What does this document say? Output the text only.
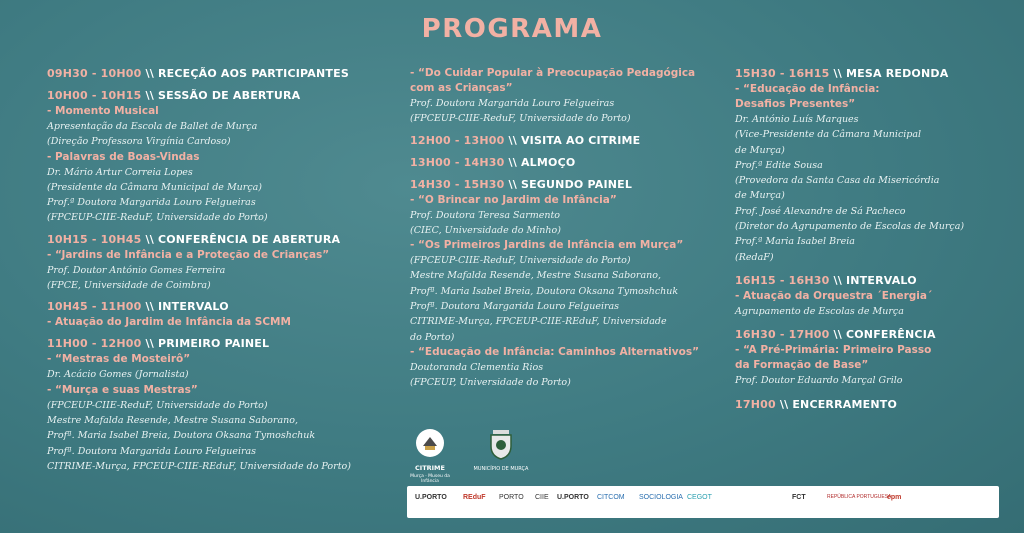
PROGRAMA
09H30 - 10H00 \\ RECEÇÃO AOS PARTICIPANTES
10H00 - 10H15 \\ SESSÃO DE ABERTURA
- Momento Musical
Apresentação da Escola de Ballet de Murça
(Direção Professora Virgínia Cardoso)
- Palavras de Boas-Vindas
Dr. Mário Artur Correia Lopes
(Presidente da Câmara Municipal de Murça)
Prof.ª Doutora Margarida Louro Felgueiras
(FPCEUP-CIIE-ReduF, Universidade do Porto)
10H15 - 10H45 \\ CONFERÊNCIA DE ABERTURA
- “Jardins de Infância e a Proteção de Crianças”
Prof. Doutor António Gomes Ferreira
(FPCE, Universidade de Coimbra)
10H45 - 11H00 \\ INTERVALO
- Atuação do Jardim de Infância da SCMM
11H00 - 12H00 \\ PRIMEIRO PAINEL
- “Mestras de Mosteirô”
Dr. Acácio Gomes (Jornalista)
- “Murça e suas Mestras”
(FPCEUP-CIIE-ReduF, Universidade do Porto)
Mestre Mafalda Resende, Mestre Susana Saborano,
Profª. Maria Isabel Breia, Doutora Oksana Tymoshchuk
Profª. Doutora Margarida Louro Felgueiras
CITRIME-Murça, FPCEUP-CIIE-REduF, Universidade do Porto)
- “Do Cuidar Popular à Preocupação Pedagógica
com as Crianças”
Prof. Doutora Margarida Louro Felgueiras
(FPCEUP-CIIE-ReduF, Universidade do Porto)
12H00 - 13H00 \\ VISITA AO CITRIME
13H00 - 14H30 \\ ALMOÇO
14H30 - 15H30 \\ SEGUNDO PAINEL
- “O Brincar no Jardim de Infância”
Prof. Doutora Teresa Sarmento
(CIEC, Universidade do Minho)
- “Os Primeiros Jardins de Infância em Murça”
(FPCEUP-CIIE-ReduF, Universidade do Porto)
Mestre Mafalda Resende, Mestre Susana Saborano,
Profª. Maria Isabel Breia, Doutora Oksana Tymoshchuk
Profª. Doutora Margarida Louro Felgueiras
CITRIME-Murça, FPCEUP-CIIE-REduF, Universidade
do Porto)
- “Educação de Infância: Caminhos Alternativos”
Doutoranda Clementia Rios
(FPCEUP, Universidade do Porto)
CITRIME
Murça · Museu da Infância
MUNICÍPIO DE MURÇA
15H30 - 16H15 \\ MESA REDONDA
- “Educação de Infância:
Desafios Presentes”
Dr. António Luís Marques
(Vice-Presidente da Câmara Municipal
de Murça)
Prof.ª Edite Sousa
(Provedora da Santa Casa da Misericórdia
de Murça)
Prof. José Alexandre de Sá Pacheco
(Diretor do Agrupamento de Escolas de Murça)
Prof.ª Maria Isabel Breia
(RedaF)
16H15 - 16H30 \\ INTERVALO
- Atuação da Orquestra ´Energia´
Agrupamento de Escolas de Murça
16H30 - 17H00 \\ CONFERÊNCIA
- “A Pré-Primária: Primeiro Passo
da Formação de Base”
Prof. Doutor Eduardo Marçal Grilo
17H00 \\ ENCERRAMENTO
U.PORTO REduF PORTO CIIE U.PORTO CITCOM SOCIOLOGIA CEGOT	FCT	REPÚBLICA PORTUGUESA
epm
